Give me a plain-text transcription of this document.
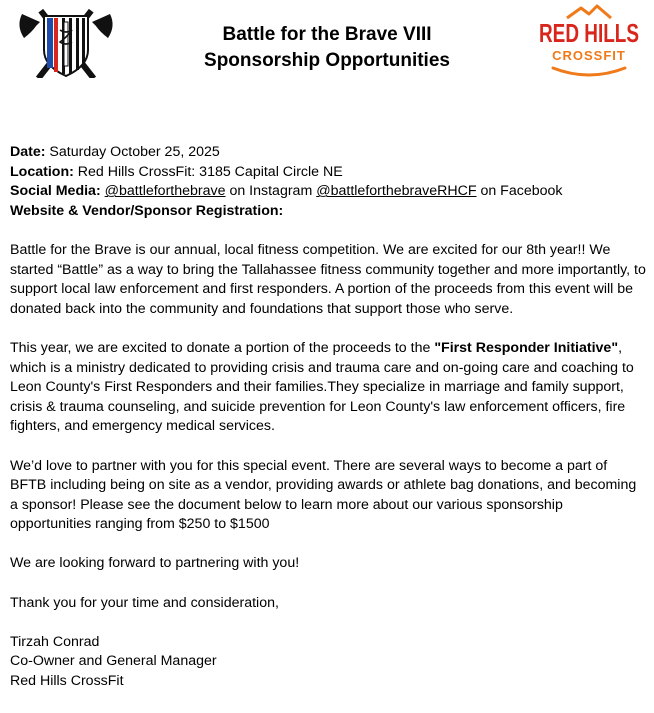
Battle for the Brave VIII
Sponsorship Opportunities
RED HILLS
CROSSFIT

Date: Saturday October 25, 2025

Location: Red Hills CrossFit: 3185 Capital Circle NE

Social Media: @battleforthebrave on Instagram @battleforthebraveRHCF on Facebook

Website & Vendor/Sponsor Registration:

Battle for the Brave is our annual, local fitness competition. We are excited for our 8th year!! We started “Battle” as a way to bring the Tallahassee fitness community together and more importantly, to support local law enforcement and first responders. A portion of the proceeds from this event will be donated back into the community and foundations that support those who serve.

This year, we are excited to donate a portion of the proceeds to the "First Responder Initiative", which is a ministry dedicated to providing crisis and trauma care and on-going care and coaching to Leon County's First Responders and their families.They specialize in marriage and family support, crisis & trauma counseling, and suicide prevention for Leon County's law enforcement officers, fire fighters, and emergency medical services.

We’d love to partner with you for this special event. There are several ways to become a part of BFTB including being on site as a vendor, providing awards or athlete bag donations, and becoming a sponsor! Please see the document below to learn more about our various sponsorship opportunities ranging from $250 to $1500

We are looking forward to partnering with you!

Thank you for your time and consideration,

Tirzah Conrad

Co-Owner and General Manager

Red Hills CrossFit
